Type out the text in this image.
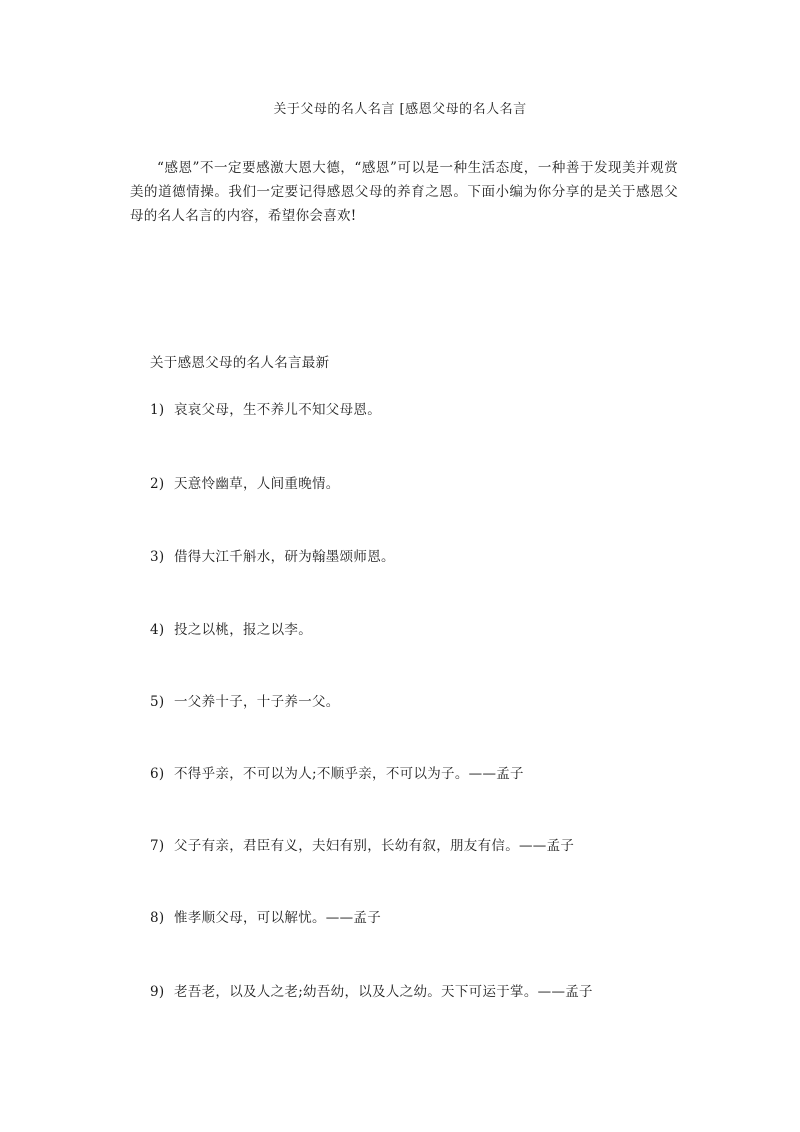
关于父母的名人名言 [感恩父母的名人名言

“感恩”不一定要感激大恩大德，“感恩”可以是一种生活态度，一种善于发现美并观赏美的道德情操。我们一定要记得感恩父母的养育之恩。下面小编为你分享的是关于感恩父母的名人名言的内容，希望你会喜欢!

关于感恩父母的名人名言最新
1) 哀哀父母，生不养儿不知父母恩。
2) 天意怜幽草，人间重晚情。
3) 借得大江千斛水，研为翰墨颂师恩。
4) 投之以桃，报之以李。
5) 一父养十子，十子养一父。
6) 不得乎亲，不可以为人;不顺乎亲，不可以为子。——孟子
7) 父子有亲，君臣有义，夫妇有别，长幼有叙，朋友有信。——孟子
8) 惟孝顺父母，可以解忧。——孟子
9) 老吾老，以及人之老;幼吾幼，以及人之幼。天下可运于掌。——孟子
